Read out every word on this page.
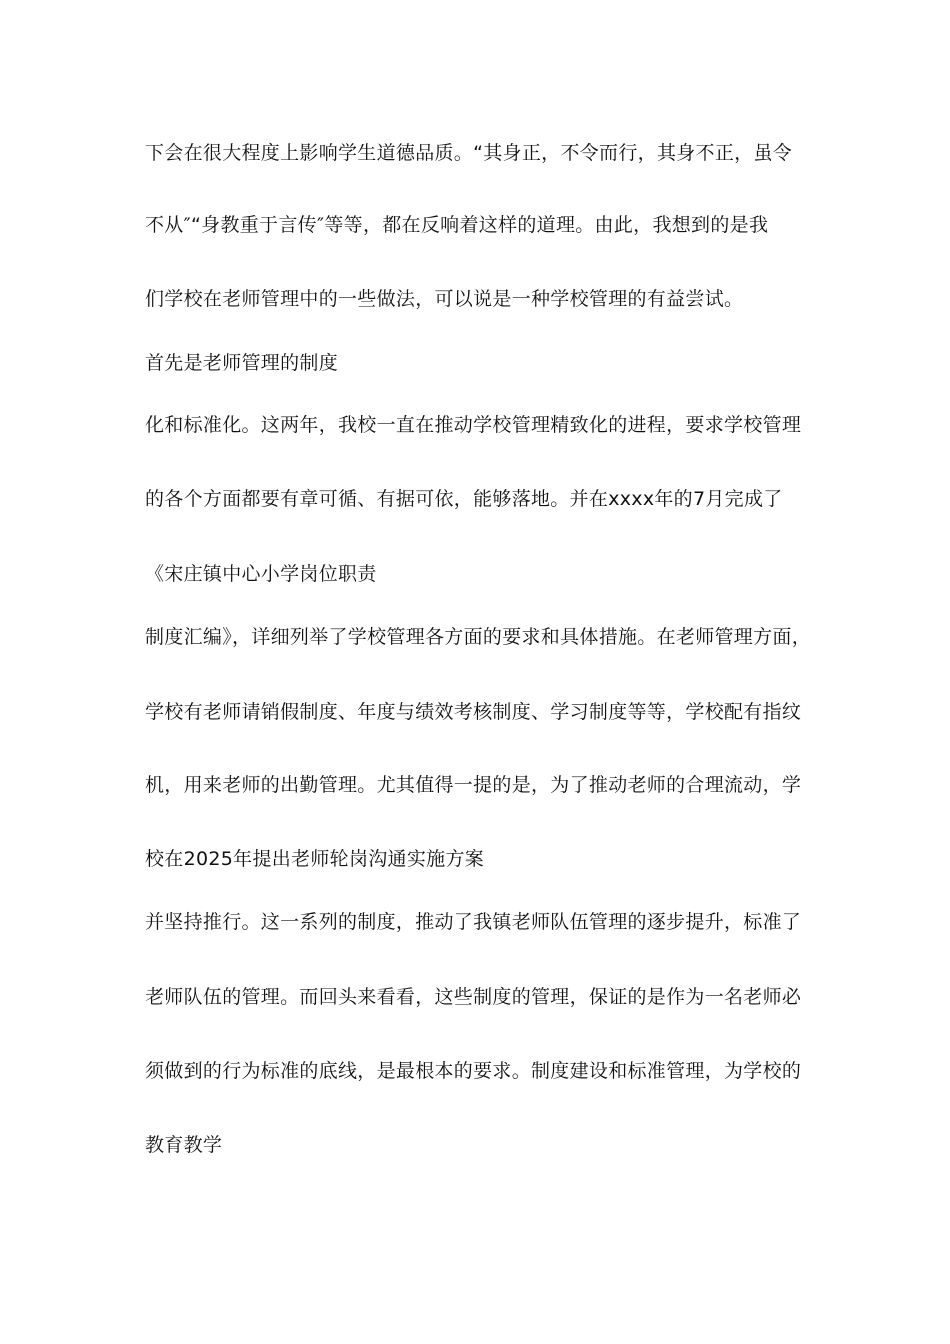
下会在很大程度上影响学生道德品质。“其身正，不令而行，其身不正，虽令
不从″“身教重于言传″等等，都在反响着这样的道理。由此，我想到的是我
们学校在老师管理中的一些做法，可以说是一种学校管理的有益尝试。
首先是老师管理的制度
化和标准化。这两年，我校一直在推动学校管理精致化的进程，要求学校管理
的各个方面都要有章可循、有据可依，能够落地。并在xxxx年的7月完成了
《宋庄镇中心小学岗位职责
制度汇编》，详细列举了学校管理各方面的要求和具体措施。在老师管理方面，
学校有老师请销假制度、年度与绩效考核制度、学习制度等等，学校配有指纹
机，用来老师的出勤管理。尤其值得一提的是，为了推动老师的合理流动，学
校在2025年提出老师轮岗沟通实施方案
并坚持推行。这一系列的制度，推动了我镇老师队伍管理的逐步提升，标准了
老师队伍的管理。而回头来看看，这些制度的管理，保证的是作为一名老师必
须做到的行为标准的底线，是最根本的要求。制度建设和标准管理，为学校的
教育教学
